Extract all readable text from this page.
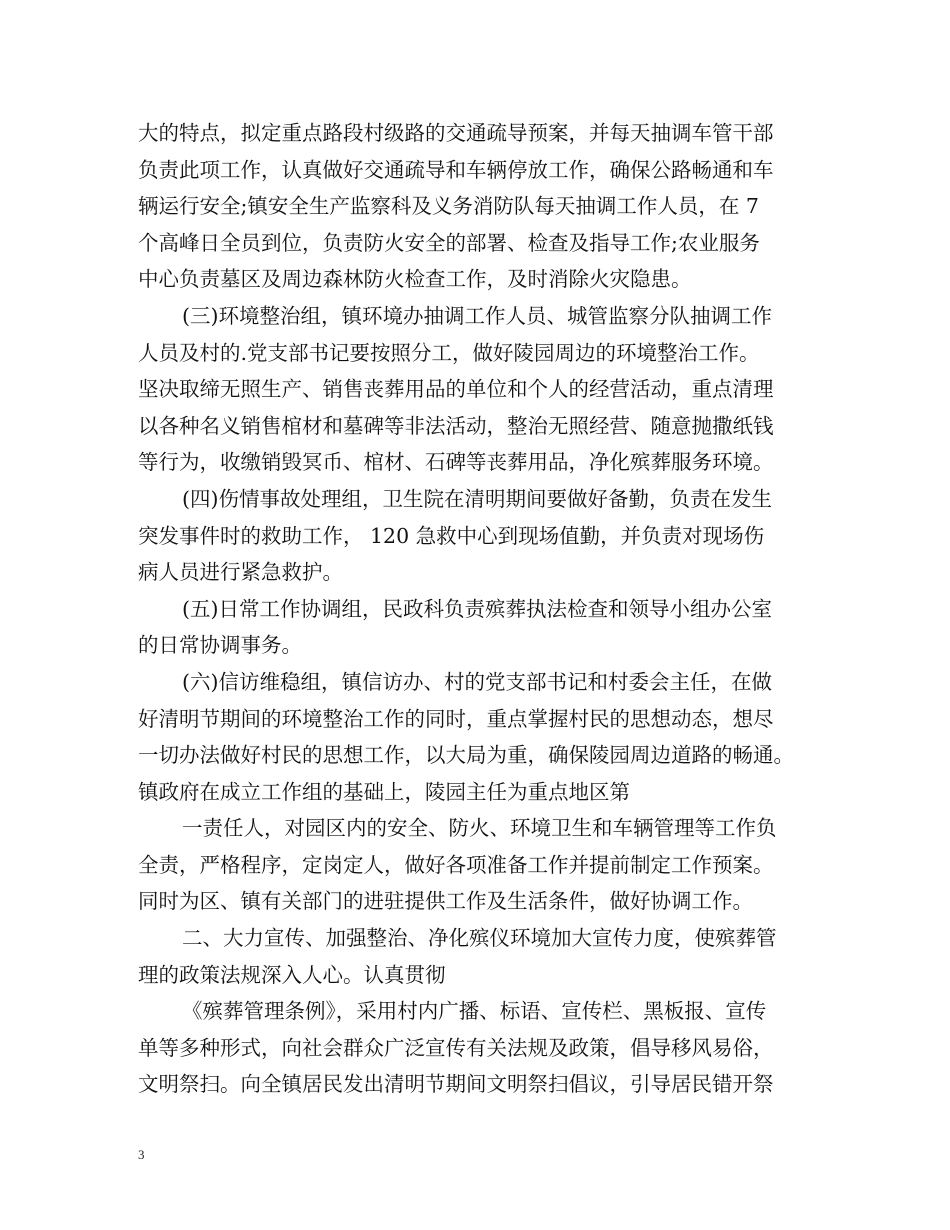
大的特点，拟定重点路段村级路的交通疏导预案，并每天抽调车管干部
负责此项工作，认真做好交通疏导和车辆停放工作，确保公路畅通和车
辆运行安全;镇安全生产监察科及义务消防队每天抽调工作人员，在 7
个高峰日全员到位，负责防火安全的部署、检查及指导工作;农业服务
中心负责墓区及周边森林防火检查工作，及时消除火灾隐患。
(三)环境整治组，镇环境办抽调工作人员、城管监察分队抽调工作
人员及村的.党支部书记要按照分工，做好陵园周边的环境整治工作。
坚决取缔无照生产、销售丧葬用品的单位和个人的经营活动，重点清理
以各种名义销售棺材和墓碑等非法活动，整治无照经营、随意抛撒纸钱
等行为，收缴销毁冥币、棺材、石碑等丧葬用品，净化殡葬服务环境。
(四)伤情事故处理组，卫生院在清明期间要做好备勤，负责在发生
突发事件时的救助工作， 120 急救中心到现场值勤，并负责对现场伤
病人员进行紧急救护。
(五)日常工作协调组，民政科负责殡葬执法检查和领导小组办公室
的日常协调事务。
(六)信访维稳组，镇信访办、村的党支部书记和村委会主任，在做
好清明节期间的环境整治工作的同时，重点掌握村民的思想动态，想尽
一切办法做好村民的思想工作，以大局为重，确保陵园周边道路的畅通。
镇政府在成立工作组的基础上，陵园主任为重点地区第
一责任人，对园区内的安全、防火、环境卫生和车辆管理等工作负
全责，严格程序，定岗定人，做好各项准备工作并提前制定工作预案。
同时为区、镇有关部门的进驻提供工作及生活条件，做好协调工作。
二、大力宣传、加强整治、净化殡仪环境加大宣传力度，使殡葬管
理的政策法规深入人心。认真贯彻
《殡葬管理条例》，采用村内广播、标语、宣传栏、黑板报、宣传
单等多种形式，向社会群众广泛宣传有关法规及政策，倡导移风易俗，
文明祭扫。向全镇居民发出清明节期间文明祭扫倡议，引导居民错开祭
3
